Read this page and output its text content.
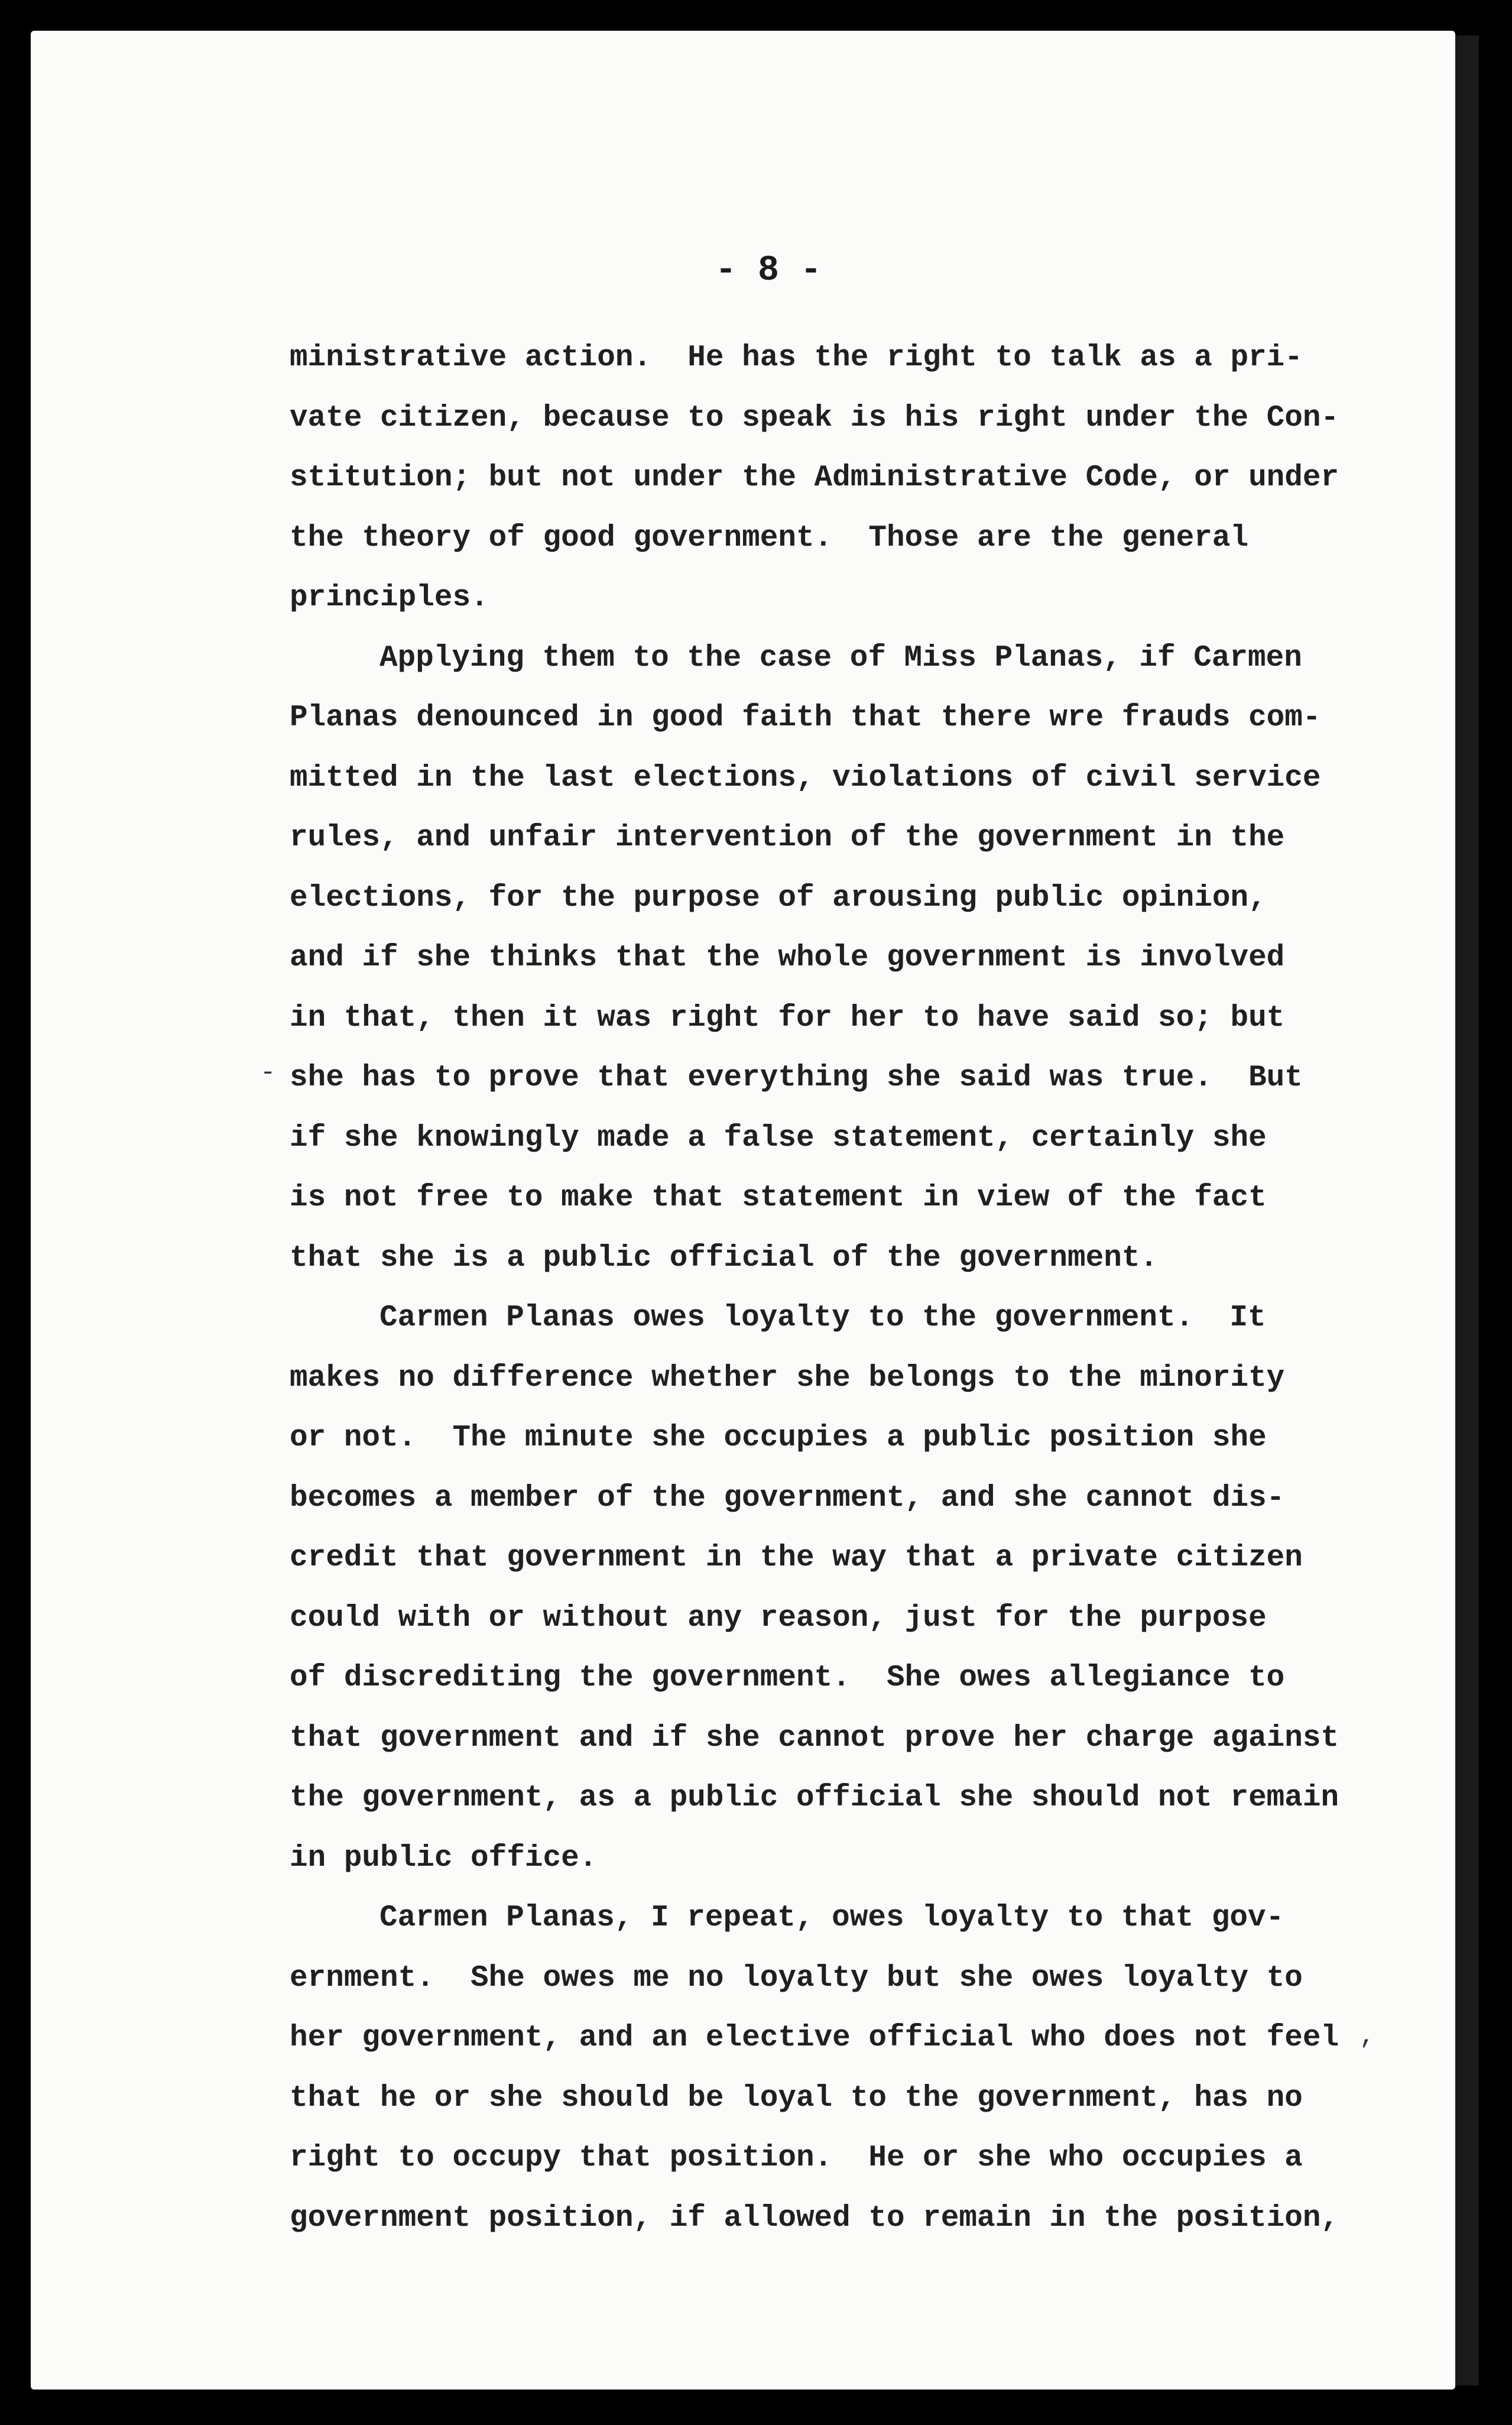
- 8 -
ministrative action.  He has the right to talk as a pri-
vate citizen, because to speak is his right under the Con-
stitution; but not under the Administrative Code, or under
the theory of good government.  Those are the general
principles.
Applying them to the case of Miss Planas, if Carmen
Planas denounced in good faith that there wre frauds com-
mitted in the last elections, violations of civil service
rules, and unfair intervention of the government in the
elections, for the purpose of arousing public opinion,
and if she thinks that the whole government is involved
in that, then it was right for her to have said so; but
she has to prove that everything she said was true.  But
if she knowingly made a false statement, certainly she
is not free to make that statement in view of the fact
that she is a public official of the government.
Carmen Planas owes loyalty to the government.  It
makes no difference whether she belongs to the minority
or not.  The minute she occupies a public position she
becomes a member of the government, and she cannot dis-
credit that government in the way that a private citizen
could with or without any reason, just for the purpose
of discrediting the government.  She owes allegiance to
that government and if she cannot prove her charge against
the government, as a public official she should not remain
in public office.
Carmen Planas, I repeat, owes loyalty to that gov-
ernment.  She owes me no loyalty but she owes loyalty to
her government, and an elective official who does not feel
that he or she should be loyal to the government, has no
right to occupy that position.  He or she who occupies a
government position, if allowed to remain in the position,
-
,
